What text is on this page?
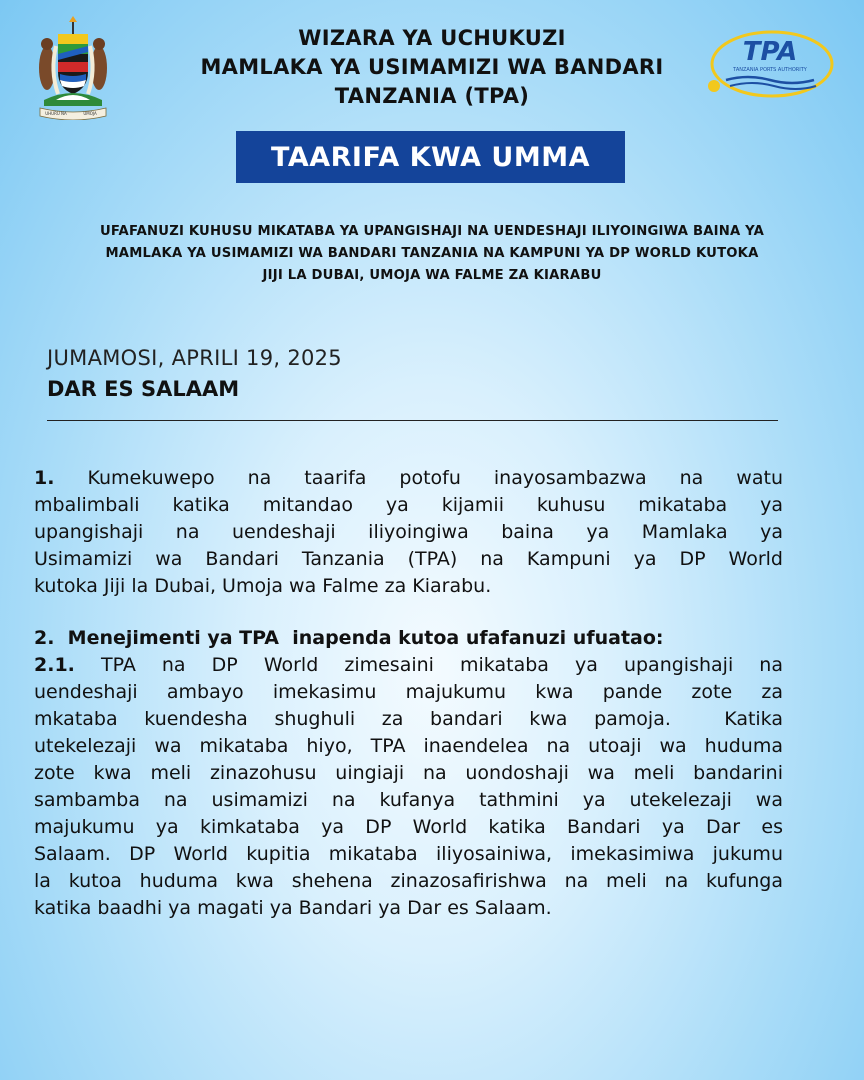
UHURU NA	UMOJA
WIZARA YA UCHUKUZI
MAMLAKA YA USIMAMIZI WA BANDARI
TANZANIA (TPA)
TPA
TANZANIA PORTS AUTHORITY
TAARIFA KWA UMMA
UFAFANUZI KUHUSU MIKATABA YA UPANGISHAJI NA UENDESHAJI ILIYOINGIWA BAINA YA
MAMLAKA YA USIMAMIZI WA BANDARI TANZANIA NA KAMPUNI YA DP WORLD KUTOKA
JIJI LA DUBAI, UMOJA WA FALME ZA KIARABU
JUMAMOSI, APRILI 19, 2025
DAR ES SALAAM
1. Kumekuwepo na taarifa potofu inayosambazwa na watu
mbalimbali katika mitandao ya kijamii kuhusu mikataba ya
upangishaji na uendeshaji iliyoingiwa baina ya Mamlaka ya
Usimamizi wa Bandari Tanzania (TPA) na Kampuni ya DP World
kutoka Jiji la Dubai, Umoja wa Falme za Kiarabu.
2.  Menejimenti ya TPA  inapenda kutoa ufafanuzi ufuatao:
2.1. TPA na DP World zimesaini mikataba ya upangishaji na
uendeshaji ambayo imekasimu majukumu kwa pande zote za
mkataba kuendesha shughuli za bandari kwa pamoja.  Katika
utekelezaji wa mikataba hiyo, TPA inaendelea na utoaji wa huduma
zote kwa meli zinazohusu uingiaji na uondoshaji wa meli bandarini
sambamba na usimamizi na kufanya tathmini ya utekelezaji wa
majukumu ya kimkataba ya DP World katika Bandari ya Dar es
Salaam. DP World kupitia mikataba iliyosainiwa, imekasimiwa jukumu
la kutoa huduma kwa shehena zinazosafirishwa na meli na kufunga
katika baadhi ya magati ya Bandari ya Dar es Salaam.
